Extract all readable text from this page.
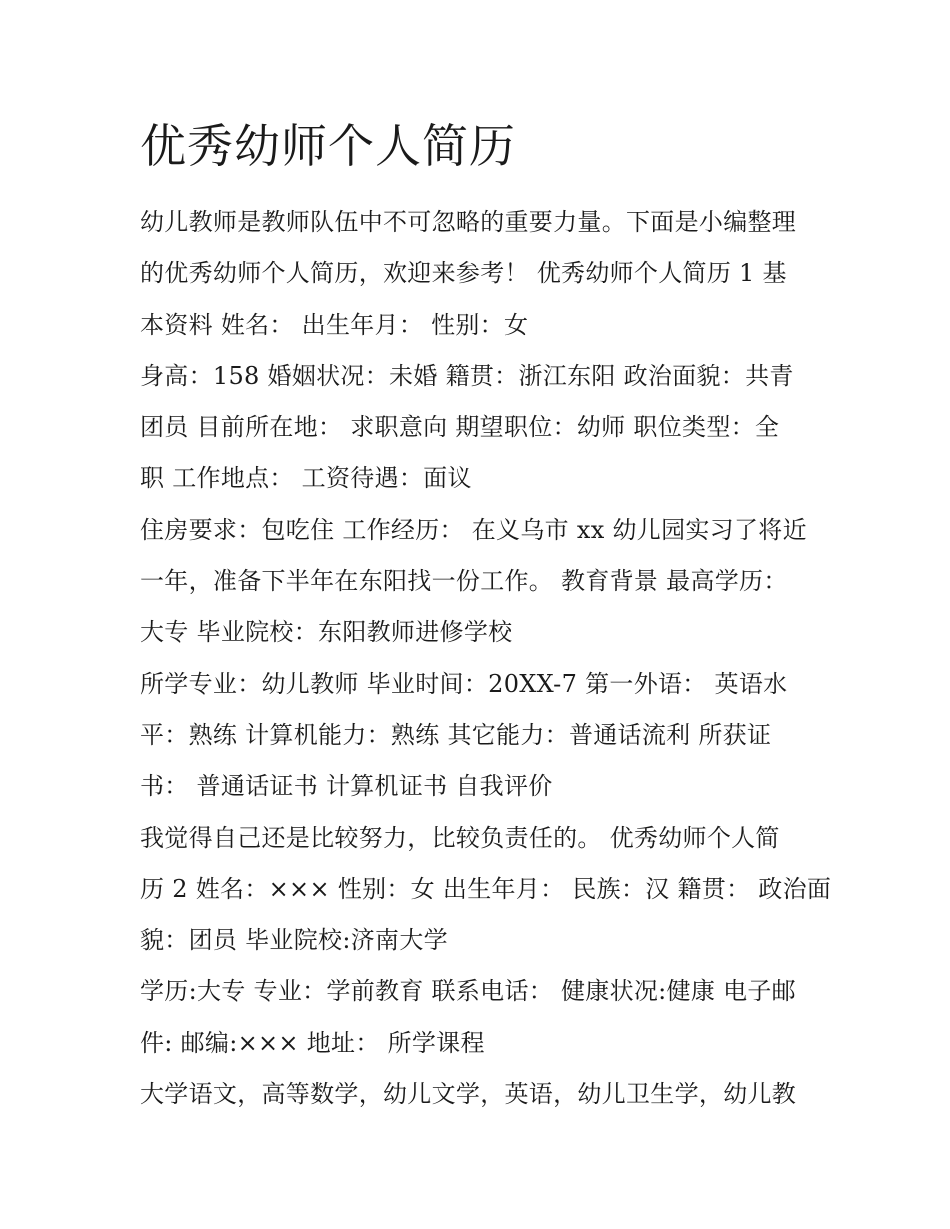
优秀幼师个人简历
幼儿教师是教师队伍中不可忽略的重要力量。下面是小编整理
的优秀幼师个人简历，欢迎来参考！ 优秀幼师个人简历 1 基
本资料 姓名： 出生年月： 性别：女
身高：158 婚姻状况：未婚 籍贯：浙江东阳 政治面貌：共青
团员 目前所在地： 求职意向 期望职位：幼师 职位类型：全
职 工作地点： 工资待遇：面议
住房要求：包吃住 工作经历： 在义乌市 xx 幼儿园实习了将近
一年，准备下半年在东阳找一份工作。 教育背景 最高学历：
大专 毕业院校：东阳教师进修学校
所学专业：幼儿教师 毕业时间：20XX-7 第一外语： 英语水
平：熟练 计算机能力：熟练 其它能力：普通话流利 所获证
书： 普通话证书 计算机证书 自我评价
我觉得自己还是比较努力，比较负责任的。 优秀幼师个人简
历 2 姓名：××× 性别：女 出生年月： 民族：汉 籍贯： 政治面
貌：团员 毕业院校:济南大学
学历:大专 专业：学前教育 联系电话： 健康状况:健康 电子邮
件: 邮编:××× 地址： 所学课程
大学语文，高等数学，幼儿文学，英语，幼儿卫生学，幼儿教
